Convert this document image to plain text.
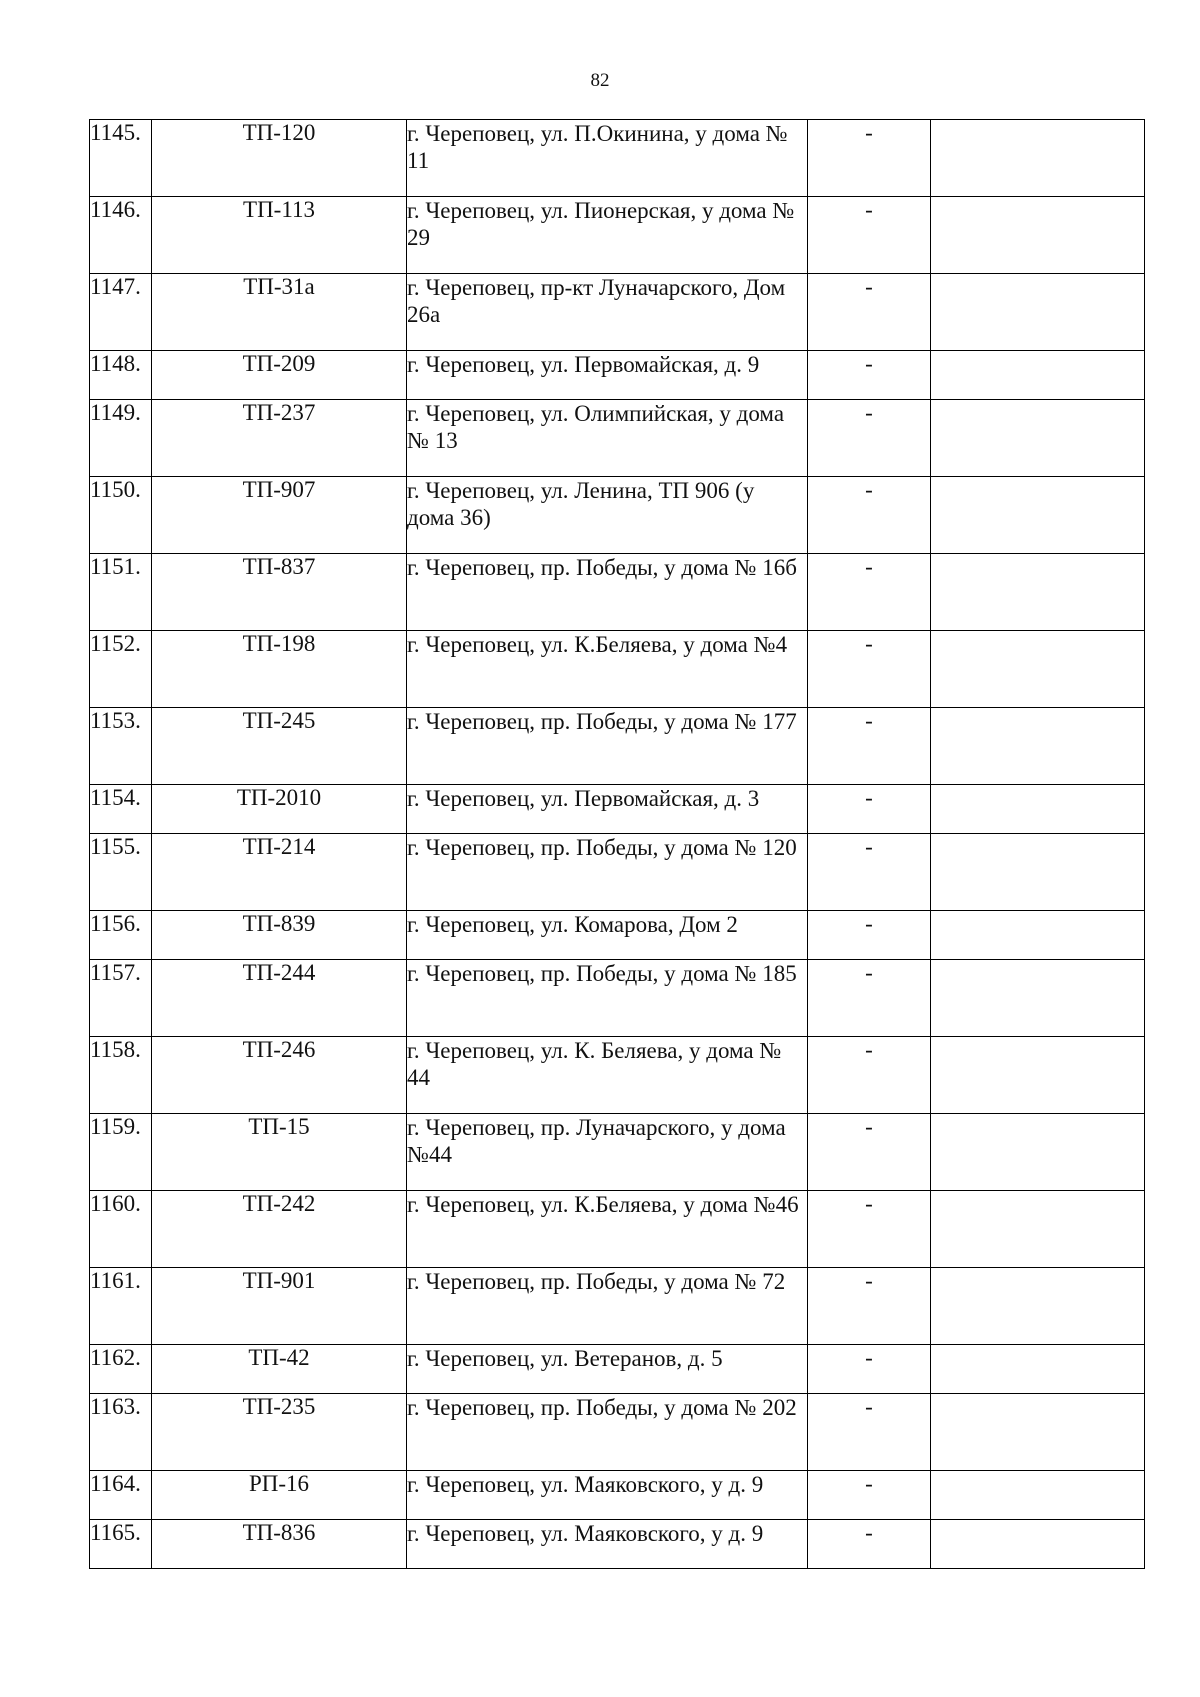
82
1145.	ТП-120	г. Череповец, ул. П.Окинина, у дома № 11	-	
1146.	ТП-113	г. Череповец, ул. Пионерская, у дома № 29	-	
1147.	ТП-31а	г. Череповец, пр-кт Луначарского, Дом 26а	-	
1148.	ТП-209	г. Череповец, ул. Первомайская, д. 9	-	
1149.	ТП-237	г. Череповец, ул. Олимпийская, у дома № 13	-	
1150.	ТП-907	г. Череповец, ул. Ленина, ТП 906 (у дома 36)	-	
1151.	ТП-837	г. Череповец, пр. Победы, у дома № 16б	-	
1152.	ТП-198	г. Череповец, ул. К.Беляева, у дома №4	-	
1153.	ТП-245	г. Череповец, пр. Победы, у дома № 177	-	
1154.	ТП-2010	г. Череповец, ул. Первомайская, д. 3	-	
1155.	ТП-214	г. Череповец, пр. Победы, у дома № 120	-	
1156.	ТП-839	г. Череповец, ул. Комарова, Дом 2	-	
1157.	ТП-244	г. Череповец, пр. Победы, у дома № 185	-	
1158.	ТП-246	г. Череповец, ул. К. Беляева, у дома № 44	-	
1159.	ТП-15	г. Череповец, пр. Луначарского, у дома №44	-	
1160.	ТП-242	г. Череповец, ул. К.Беляева, у дома №46	-	
1161.	ТП-901	г. Череповец, пр. Победы, у дома № 72	-	
1162.	ТП-42	г. Череповец, ул. Ветеранов, д. 5	-	
1163.	ТП-235	г. Череповец, пр. Победы, у дома № 202	-	
1164.	РП-16	г. Череповец, ул. Маяковского, у д. 9	-	
1165.	ТП-836	г. Череповец, ул. Маяковского, у д. 9	-	
